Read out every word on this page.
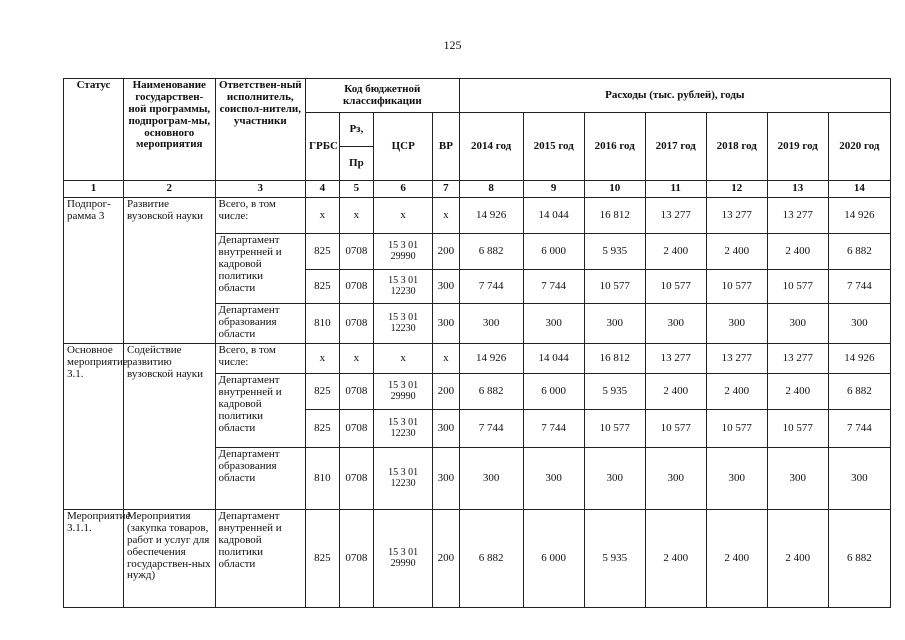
125
Статус	Наименование государствен-ной программы, подпрограм-мы, основного мероприятия	Ответствен-ный исполнитель, соиспол-нители, участники	Код бюджетной классификации				Расходы (тыс. рублей), годы						
			ГРБС	Рз,	ЦСР	ВР	2014 год	2015 год	2016 год	2017 год	2018 год	2019 год	2020 год
				Пр									
1	2	3	4	5	6	7	8	9	10	11	12	13	14
Подпрог-рамма 3	Развитие вузовской науки	Всего, в том числе:	х	х	х	х	14 926	14 044	16 812	13 277	13 277	13 277	14 926
		Департамент внутренней и кадровой политики области	825	0708	15 3 01 29990	200	6 882	6 000	5 935	2 400	2 400	2 400	6 882
			825	0708	15 3 01 12230	300	7 744	7 744	10 577	10 577	10 577	10 577	7 744
		Департамент образования области	810	0708	15 3 01 12230	300	300	300	300	300	300	300	300
Основное мероприятие 3.1.	Содействие развитию вузовской науки	Всего, в том числе:	х	х	х	х	14 926	14 044	16 812	13 277	13 277	13 277	14 926
		Департамент внутренней и кадровой политики области	825	0708	15 3 01 29990	200	6 882	6 000	5 935	2 400	2 400	2 400	6 882
			825	0708	15 3 01 12230	300	7 744	7 744	10 577	10 577	10 577	10 577	7 744
		Департамент образования области	810	0708	15 3 01 12230	300	300	300	300	300	300	300	300
Мероприятие 3.1.1.	Мероприятия (закупка товаров, работ и услуг для обеспечения государствен-ных нужд)	Департамент внутренней и кадровой политики области	825	0708	15 3 01 29990	200	6 882	6 000	5 935	2 400	2 400	2 400	6 882
